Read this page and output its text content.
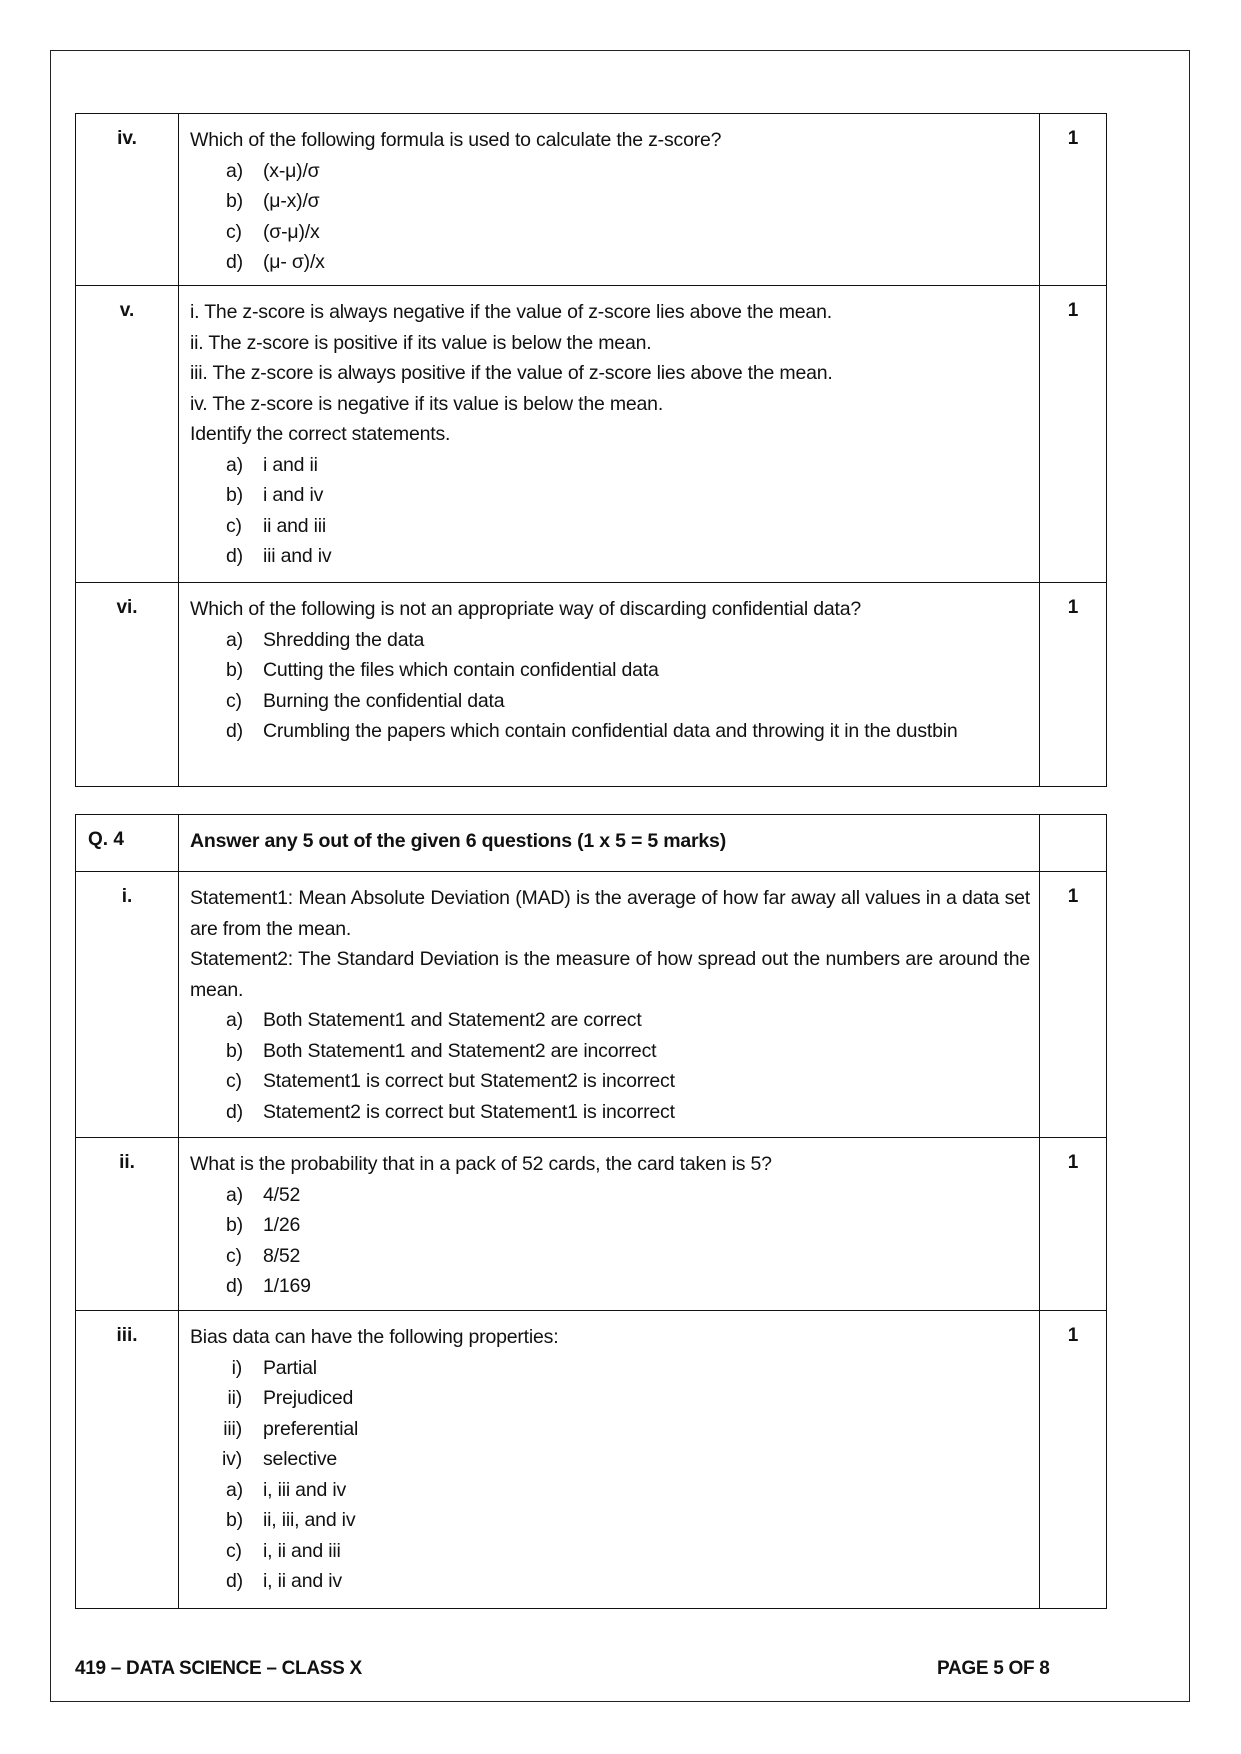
iv.	Which of the following formula is used to calculate the z-score?
a)	(x-μ)/σ
b)	(μ-x)/σ
c)	(σ-μ)/x
d)	(μ- σ)/x
	1
v.	i. The z-score is always negative if the value of z-score lies above the mean.
ii. The z-score is positive if its value is below the mean.
iii. The z-score is always positive if the value of z-score lies above the mean.
iv. The z-score is negative if its value is below the mean.
Identify the correct statements.
a)	i and ii
b)	i and iv
c)	ii and iii
d)	iii and iv
	1
vi.	Which of the following is not an appropriate way of discarding confidential data?
a)	Shredding the data
b)	Cutting the files which contain confidential data
c)	Burning the confidential data
d)	Crumbling the papers which contain confidential data and throwing it in the dustbin
	1
Q. 4	Answer any 5 out of the given 6 questions (1 x 5 = 5 marks)	
i.	Statement1: Mean Absolute Deviation (MAD) is the average of how far away all values in a data set are from the mean.
Statement2: The Standard Deviation is the measure of how spread out the numbers are around the mean.
a)	Both Statement1 and Statement2 are correct
b)	Both Statement1 and Statement2 are incorrect
c)	Statement1 is correct but Statement2 is incorrect
d)	Statement2 is correct but Statement1 is incorrect
	1
ii.	What is the probability that in a pack of 52 cards, the card taken is 5?
a)	4/52
b)	1/26
c)	8/52
d)	1/169
	1
iii.	Bias data can have the following properties:
i)	Partial
ii)	Prejudiced
iii)	preferential
iv)	selective
a)	i, iii and iv
b)	ii, iii, and iv
c)	i, ii and iii
d)	i, ii and iv
	1
419 – DATA SCIENCE – CLASS X	PAGE 5 OF 8
